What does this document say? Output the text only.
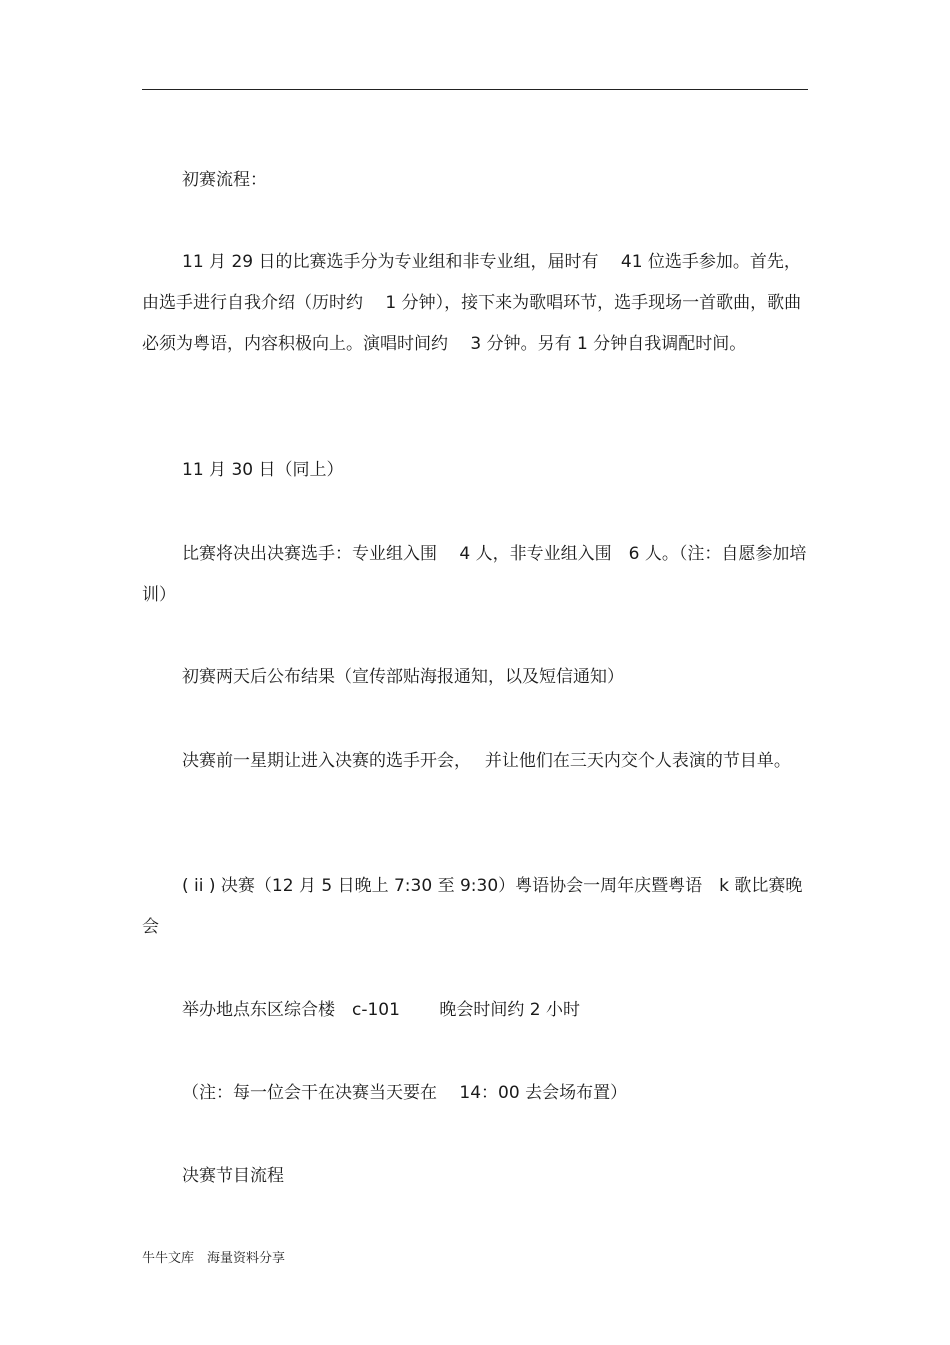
初赛流程：

11 月 29 日的比赛选手分为专业组和非专业组，届时有　 41 位选手参加。首先，由选手进行自我介绍（历时约　 1 分钟），接下来为歌唱环节，选手现场一首歌曲，歌曲必须为粤语，内容积极向上。演唱时间约　 3 分钟。另有 1 分钟自我调配时间。

11 月 30 日（同上）

比赛将决出决赛选手：专业组入围　 4 人，非专业组入围　6 人。（注：自愿参加培训）

初赛两天后公布结果（宣传部贴海报通知，以及短信通知）

决赛前一星期让进入决赛的选手开会，　 并让他们在三天内交个人表演的节目单。

( ii ) 决赛（12 月 5 日晚上 7:30 至 9:30）粤语协会一周年庆暨粤语　k 歌比赛晚会

举办地点东区综合楼　c-101　　 晚会时间约 2 小时

（注：每一位会干在决赛当天要在　 14：00 去会场布置）

决赛节目流程

牛牛文库　海量资料分享
